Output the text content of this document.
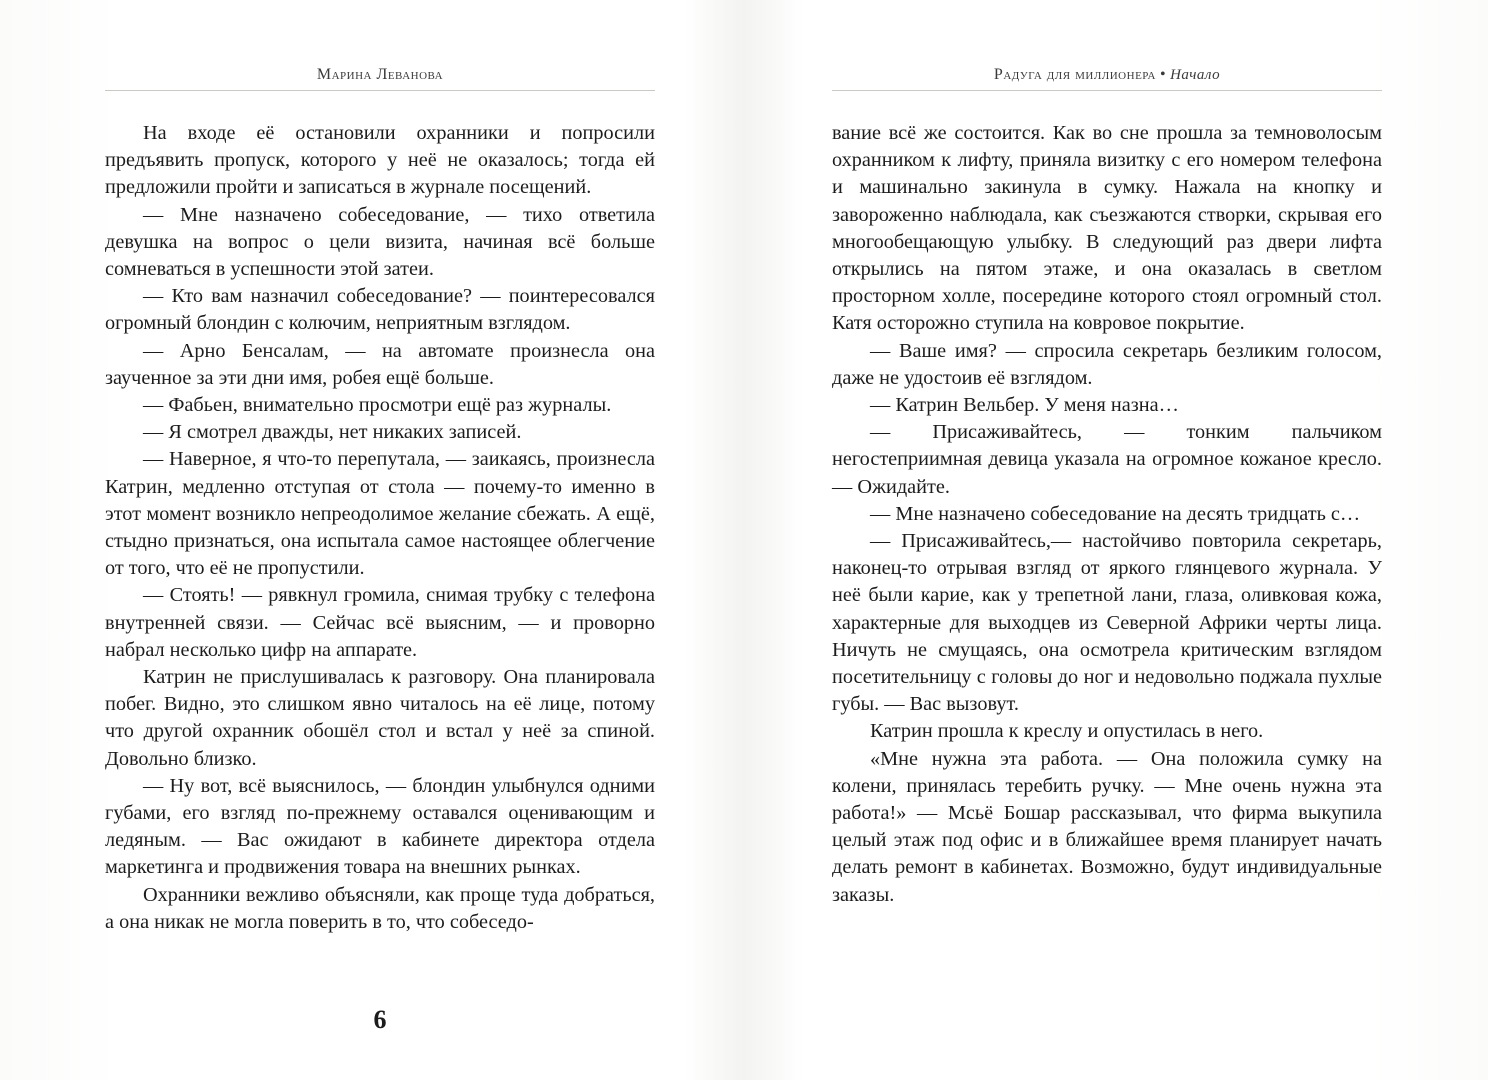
Марина Леванова

На входе её остановили охранники и попросили предъявить пропуск, которого у неё не оказалось; тогда ей предложили пройти и записаться в журнале посещений.

— Мне назначено собеседование, — тихо ответила девушка на вопрос о цели визита, начиная всё больше сомневаться в успешности этой затеи.

— Кто вам назначил собеседование? — поинтересовался огромный блондин с колючим, неприятным взглядом.

— Арно Бенсалам, — на автомате произнесла она заученное за эти дни имя, робея ещё больше.

— Фабьен, внимательно просмотри ещё раз журналы.

— Я смотрел дважды, нет никаких записей.

— Наверное, я что-то перепутала, — заикаясь, произнесла Катрин, медленно отступая от стола — почему-то именно в этот момент возникло непреодолимое желание сбежать. А ещё, стыдно признаться, она испытала самое настоящее облегчение от того, что её не пропустили.

— Стоять! — рявкнул громила, снимая трубку с телефона внутренней связи. — Сейчас всё выясним, — и проворно набрал несколько цифр на аппарате.

Катрин не прислушивалась к разговору. Она планировала побег. Видно, это слишком явно читалось на её лице, потому что другой охранник обошёл стол и встал у неё за спиной. Довольно близко.

— Ну вот, всё выяснилось, — блондин улыбнулся одними губами, его взгляд по-прежнему оставался оценивающим и ледяным. — Вас ожидают в кабинете директора отдела маркетинга и продвижения товара на внешних рынках.

Охранники вежливо объясняли, как проще туда добраться, а она никак не могла поверить в то, что собеседо-

6
Радуга для миллионера • Начало

вание всё же состоится. Как во сне прошла за темноволосым охранником к лифту, приняла визитку с его номером телефона и машинально закинула в сумку. Нажала на кнопку и завороженно наблюдала, как съезжаются створки, скрывая его многообещающую улыбку. В следующий раз двери лифта открылись на пятом этаже, и она оказалась в светлом просторном холле, посередине которого стоял огромный стол. Катя осторожно ступила на ковровое покрытие.

— Ваше имя? — спросила секретарь безликим голосом, даже не удостоив её взглядом.

— Катрин Вельбер. У меня назна…

— Присаживайтесь, — тонким пальчиком негостеприимная девица указала на огромное кожаное кресло. — Ожидайте.

— Мне назначено собеседование на десять тридцать с…

— Присаживайтесь,— настойчиво повторила секретарь, наконец-то отрывая взгляд от яркого глянцевого журнала. У неё были карие, как у трепетной лани, глаза, оливковая кожа, характерные для выходцев из Северной Африки черты лица. Ничуть не смущаясь, она осмотрела критическим взглядом посетительницу с головы до ног и недовольно поджала пухлые губы. — Вас вызовут.

Катрин прошла к креслу и опустилась в него.

«Мне нужна эта работа. — Она положила сумку на колени, принялась теребить ручку. — Мне очень нужна эта работа!» — Мсьё Бошар рассказывал, что фирма выкупила целый этаж под офис и в ближайшее время планирует начать делать ремонт в кабинетах. Возможно, будут индивидуальные заказы.
